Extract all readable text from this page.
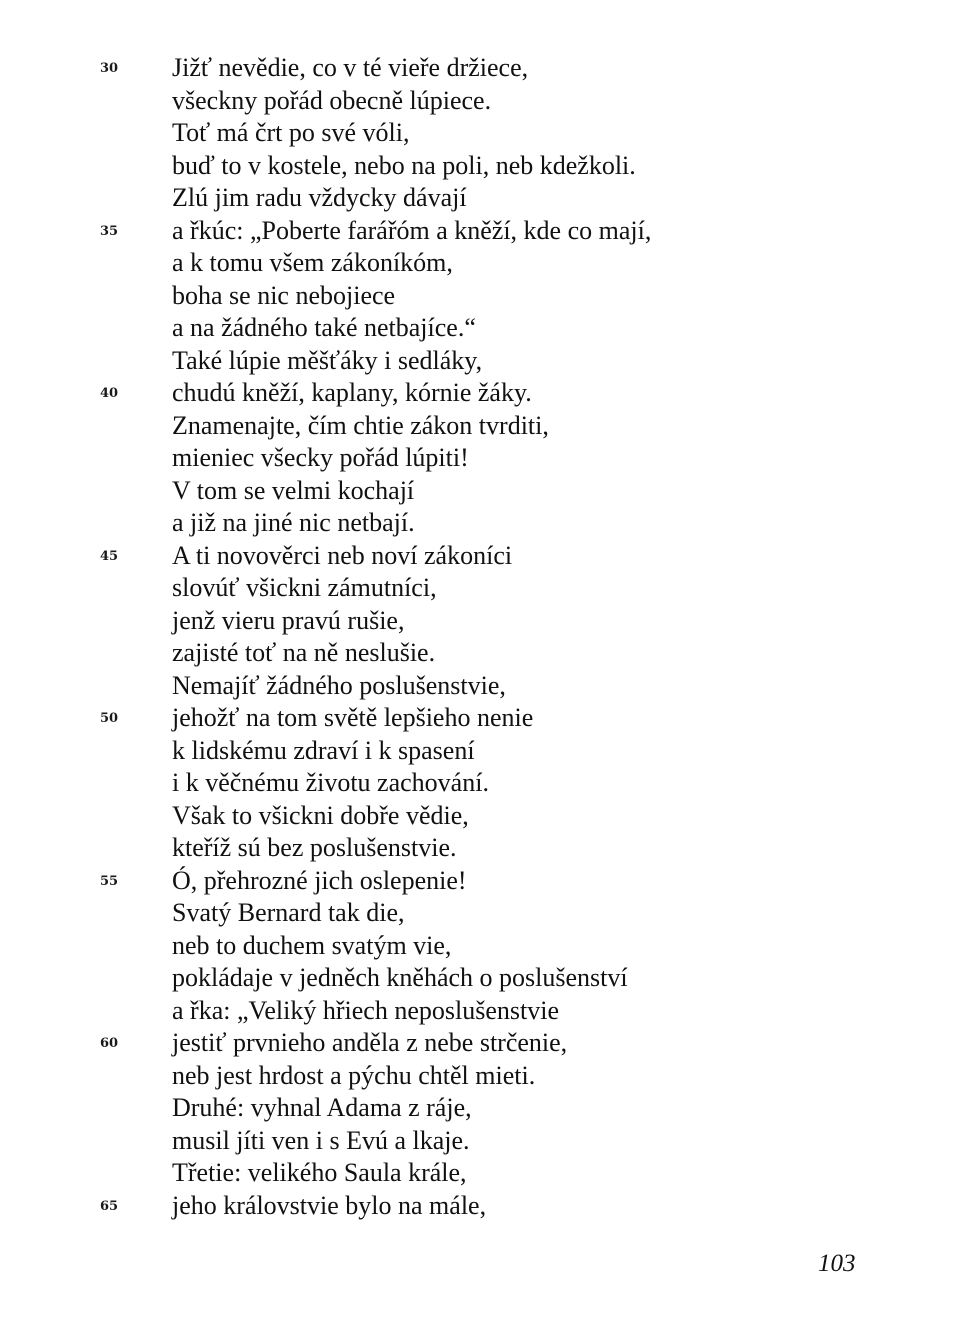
30	Jižť nevědie, co v té vieře držiece,
všeckny pořád obecně lúpiece.
Toť má črt po své vóli,
buď to v kostele, nebo na poli, neb kdežkoli.
Zlú jim radu vždycky dávají
35	a řkúc: „Poberte farářóm a kněží, kde co mají,
a k tomu všem zákoníkóm,
boha se nic nebojiece
a na žádného také netbajíce.“
Také lúpie měšťáky i sedláky,
40	chudú kněží, kaplany, kórnie žáky.
Znamenajte, čím chtie zákon tvrditi,
mieniec všecky pořád lúpiti!
V tom se velmi kochají
a již na jiné nic netbají.
45	A ti novověrci neb noví zákoníci
slovúť všickni zámutníci,
jenž vieru pravú rušie,
zajisté toť na ně neslušie.
Nemajíť žádného poslušenstvie,
50	jehožť na tom světě lepšieho nenie
k lidskému zdraví i k spasení
i k věčnému životu zachování.
Však to všickni dobře vědie,
kteříž sú bez poslušenstvie.
55	Ó, přehrozné jich oslepenie!
Svatý Bernard tak die,
neb to duchem svatým vie,
pokládaje v jedněch kněhách o poslušenství
a řka: „Veliký hřiech neposlušenstvie
60	jestiť prvnieho anděla z nebe strčenie,
neb jest hrdost a pýchu chtěl mieti.
Druhé: vyhnal Adama z ráje,
musil jíti ven i s Evú a lkaje.
Třetie: velikého Saula krále,
65	jeho královstvie bylo na mále,
103
